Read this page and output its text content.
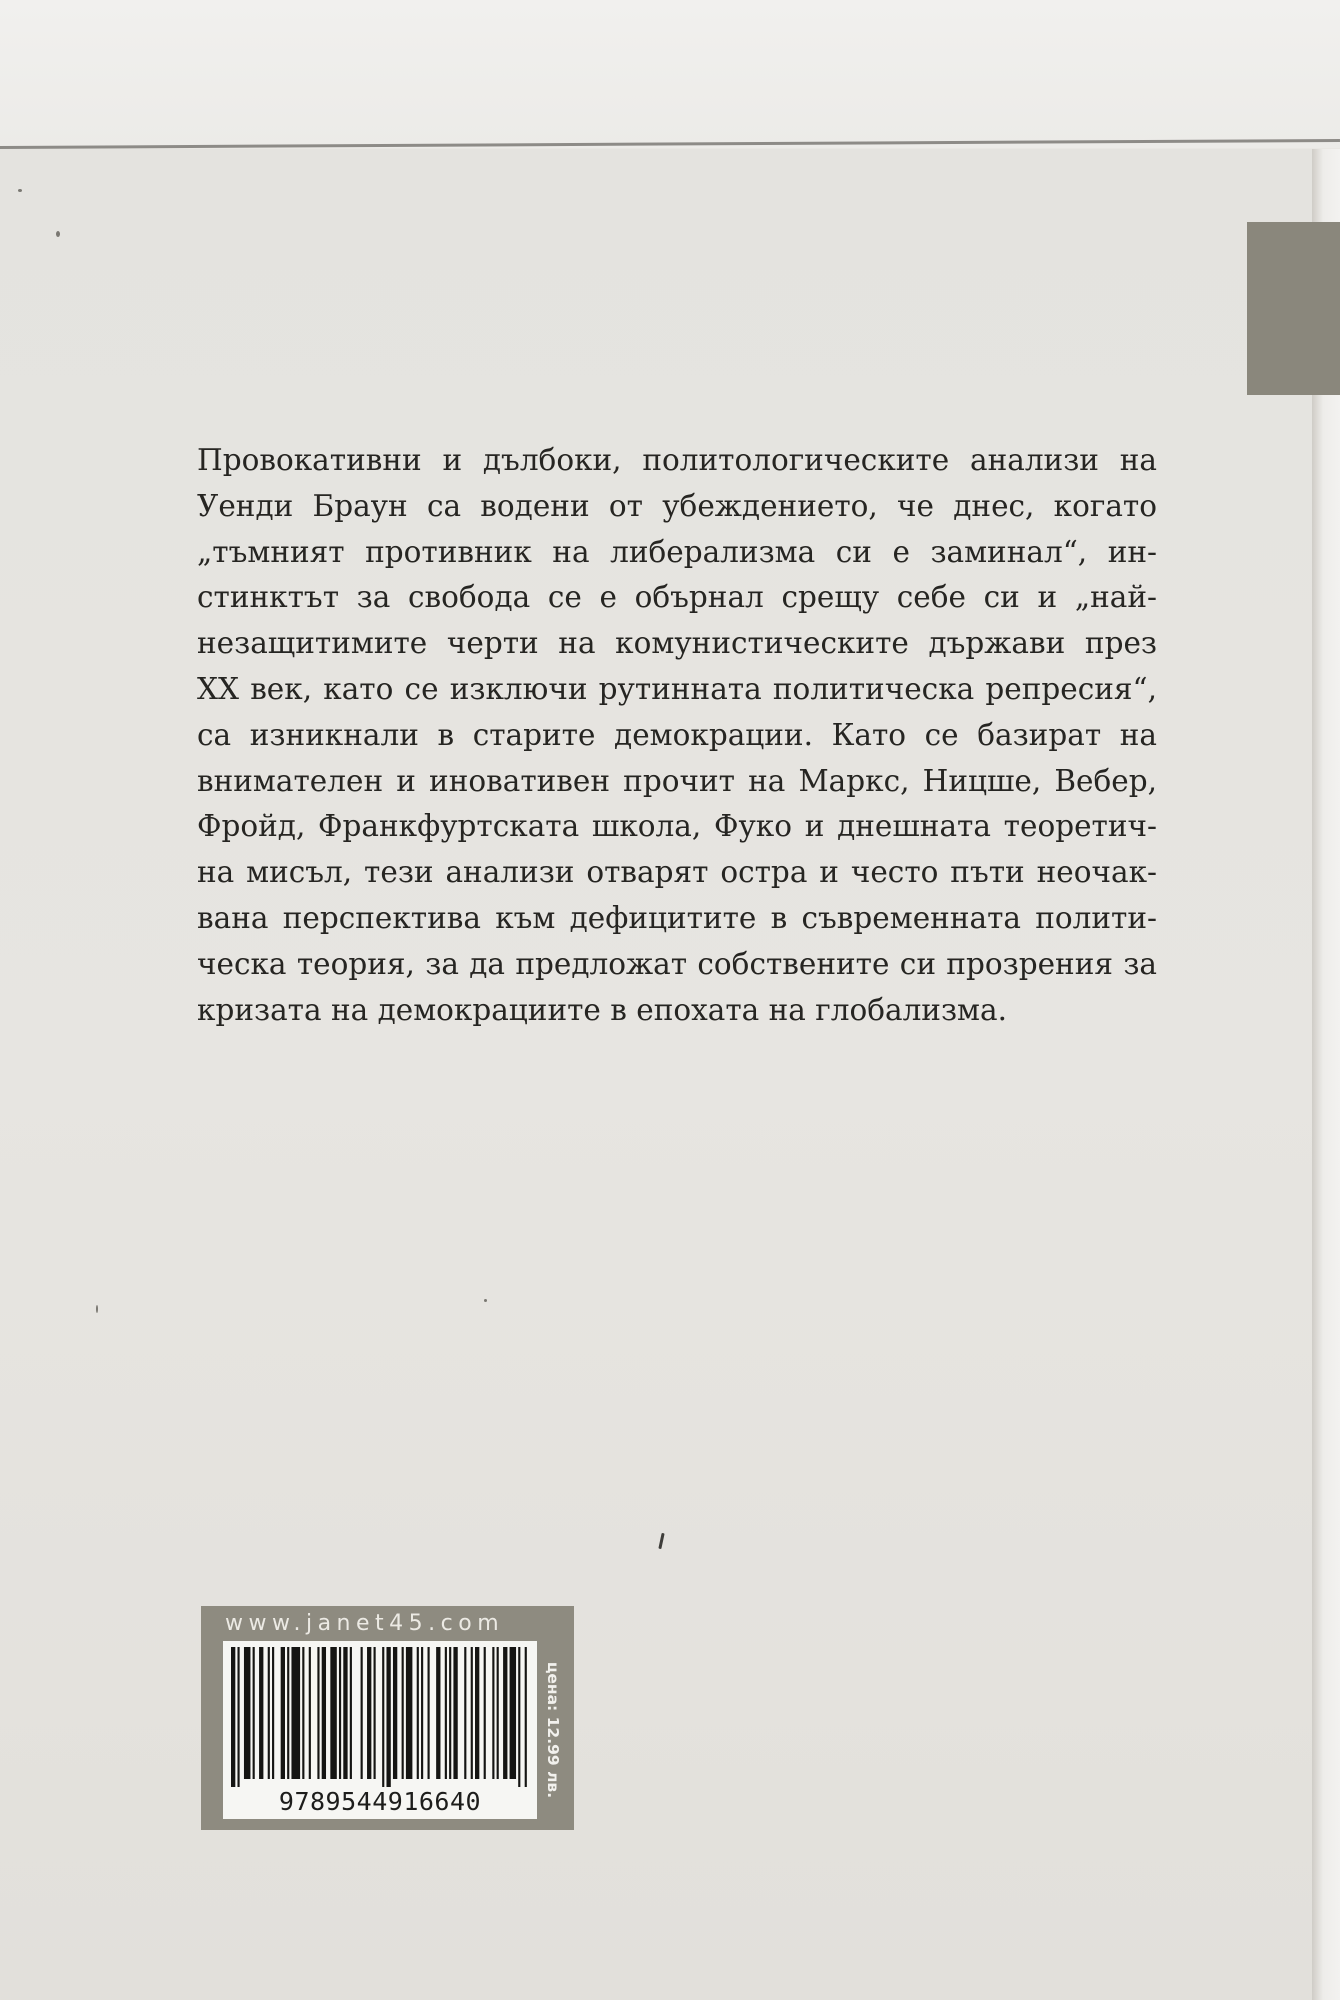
Провокативни и дълбоки, политологическите анализи на
Уенди Браун са водени от убеждението, че днес, когато
„тъмният противник на либерализма си е заминал“, ин-
стинктът за свобода се е обърнал срещу себе си и „най-
незащитимите черти на комунистическите държави през
XX век, като се изключи рутинната политическа репресия“,
са изникнали в старите демокрации. Като се базират на
внимателен и иновативен прочит на Маркс, Ницше, Вебер,
Фройд, Франкфуртската школа, Фуко и днешната теоретич-
на мисъл, тези анализи отварят остра и често пъти неочак-
вана перспектива към дефицитите в съвременната полити-
ческа теория, за да предложат собствените си прозрения за
кризата на демокрациите в епохата на глобализма.

www.janet45.com
9789544916640
цена: 12.99 лв.
